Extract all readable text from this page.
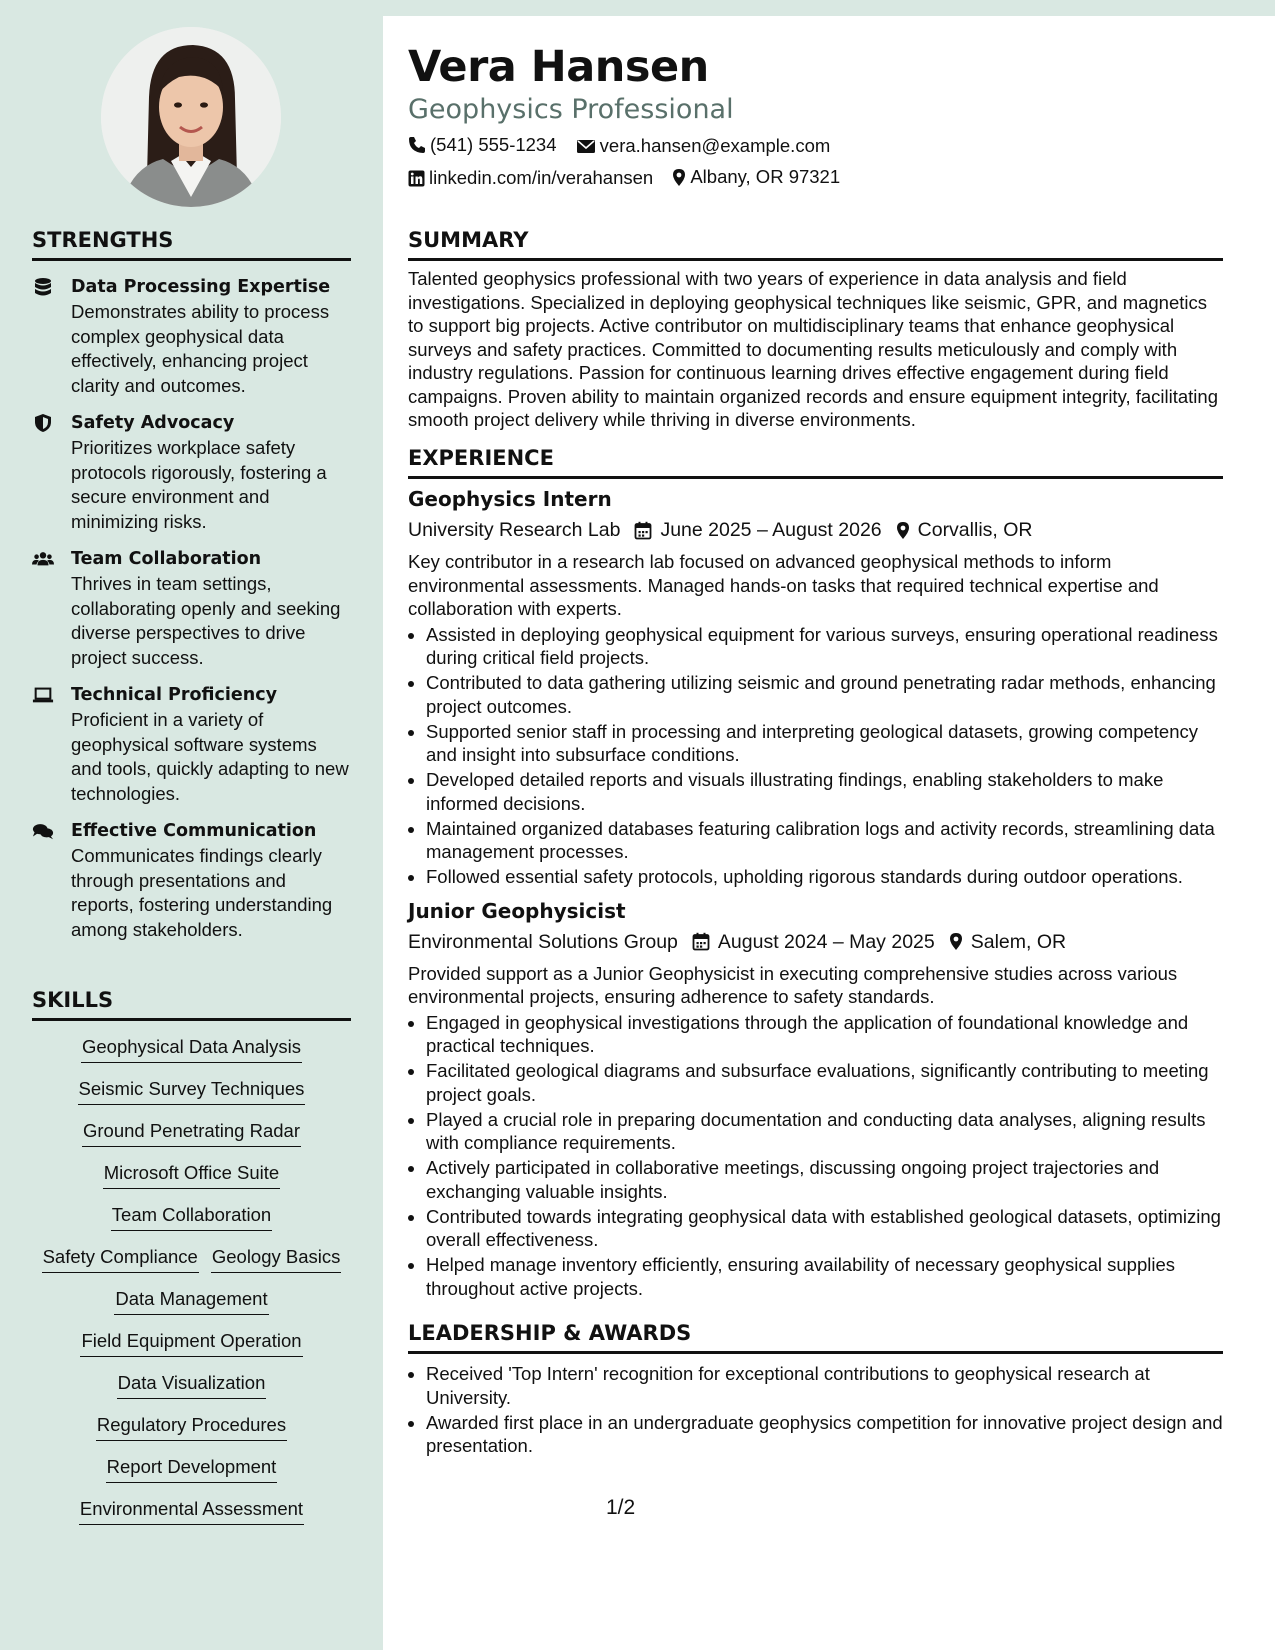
STRENGTHS

Data Processing Expertise

Demonstrates ability to process complex geophysical data effectively, enhancing project clarity and outcomes.

Safety Advocacy

Prioritizes workplace safety protocols rigorously, fostering a secure environment and minimizing risks.

Team Collaboration

Thrives in team settings, collaborating openly and seeking diverse perspectives to drive project success.

Technical Proficiency

Proficient in a variety of geophysical software systems and tools, quickly adapting to new technologies.

Effective Communication

Communicates findings clearly through presentations and reports, fostering understanding among stakeholders.

SKILLS
Geophysical Data Analysis
Seismic Survey Techniques
Ground Penetrating Radar
Microsoft Office Suite
Team Collaboration
Safety Compliance Geology Basics
Data Management
Field Equipment Operation
Data Visualization
Regulatory Procedures
Report Development
Environmental Assessment
Vera Hansen

Geophysics Professional

(541) 555-1234
vera.hansen@example.com
linkedin.com/in/verahansen
Albany, OR 97321
SUMMARY

Talented geophysics professional with two years of experience in data analysis and field investigations. Specialized in deploying geophysical techniques like seismic, GPR, and magnetics to support big projects. Active contributor on multidisciplinary teams that enhance geophysical surveys and safety practices. Committed to documenting results meticulously and comply with industry regulations. Passion for continuous learning drives effective engagement during field campaigns. Proven ability to maintain organized records and ensure equipment integrity, facilitating smooth project delivery while thriving in diverse environments.

EXPERIENCE

Geophysics Intern

University Research Lab June 2025 – August 2026 Corvallis, OR

Key contributor in a research lab focused on advanced geophysical methods to inform environmental assessments. Managed hands-on tasks that required technical expertise and collaboration with experts.

• Assisted in deploying geophysical equipment for various surveys, ensuring operational readiness during critical field projects.
• Contributed to data gathering utilizing seismic and ground penetrating radar methods, enhancing project outcomes.
• Supported senior staff in processing and interpreting geological datasets, growing competency and insight into subsurface conditions.
• Developed detailed reports and visuals illustrating findings, enabling stakeholders to make informed decisions.
• Maintained organized databases featuring calibration logs and activity records, streamlining data management processes.
• Followed essential safety protocols, upholding rigorous standards during outdoor operations.

Junior Geophysicist

Environmental Solutions Group August 2024 – May 2025 Salem, OR

Provided support as a Junior Geophysicist in executing comprehensive studies across various environmental projects, ensuring adherence to safety standards.

• Engaged in geophysical investigations through the application of foundational knowledge and practical techniques.
• Facilitated geological diagrams and subsurface evaluations, significantly contributing to meeting project goals.
• Played a crucial role in preparing documentation and conducting data analyses, aligning results with compliance requirements.
• Actively participated in collaborative meetings, discussing ongoing project trajectories and exchanging valuable insights.
• Contributed towards integrating geophysical data with established geological datasets, optimizing overall effectiveness.
• Helped manage inventory efficiently, ensuring availability of necessary geophysical supplies throughout active projects.
LEADERSHIP & AWARDS
• Received 'Top Intern' recognition for exceptional contributions to geophysical research at University.
• Awarded first place in an undergraduate geophysics competition for innovative project design and presentation.
1/2
